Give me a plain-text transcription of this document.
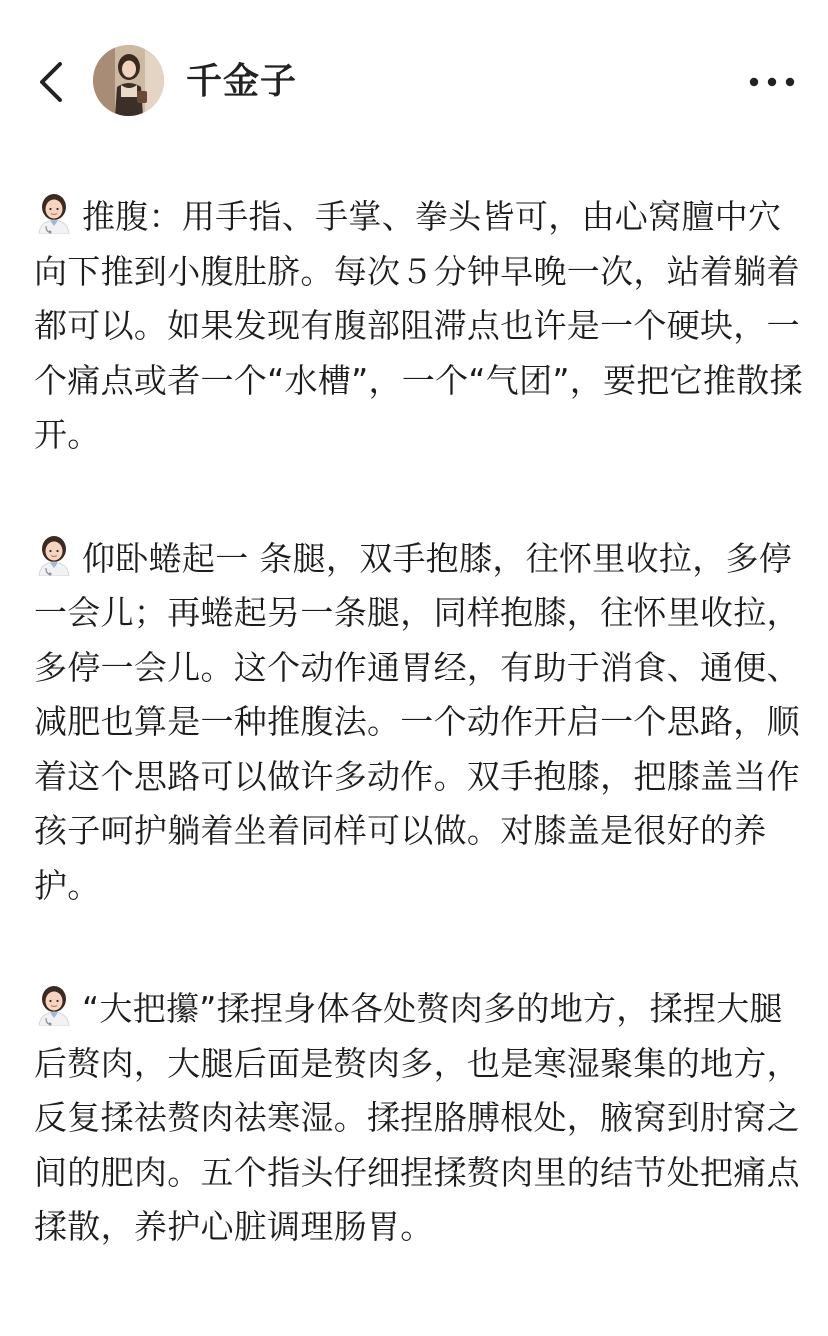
千金子

推腹：用手指、手掌、拳头皆可，由心窝膻中穴向下推到小腹肚脐。每次５分钟早晚一次，站着躺着都可以。如果发现有腹部阻滞点也许是一个硬块，一个痛点或者一个“水槽”，一个“气团”，要把它推散揉开。

仰卧蜷起一 条腿，双手抱膝，往怀里收拉，多停一会儿；再蜷起另一条腿，同样抱膝，往怀里收拉，多停一会儿。这个动作通胃经，有助于消食、通便、减肥也算是一种推腹法。一个动作开启一个思路，顺着这个思路可以做许多动作。双手抱膝，把膝盖当作孩子呵护躺着坐着同样可以做。对膝盖是很好的养护。

“大把攥”揉捏身体各处赘肉多的地方，揉捏大腿后赘肉，大腿后面是赘肉多，也是寒湿聚集的地方，反复揉祛赘肉祛寒湿。揉捏胳膊根处，腋窝到肘窝之间的肥肉。五个指头仔细捏揉赘肉里的结节处把痛点揉散，养护心脏调理肠胃。
